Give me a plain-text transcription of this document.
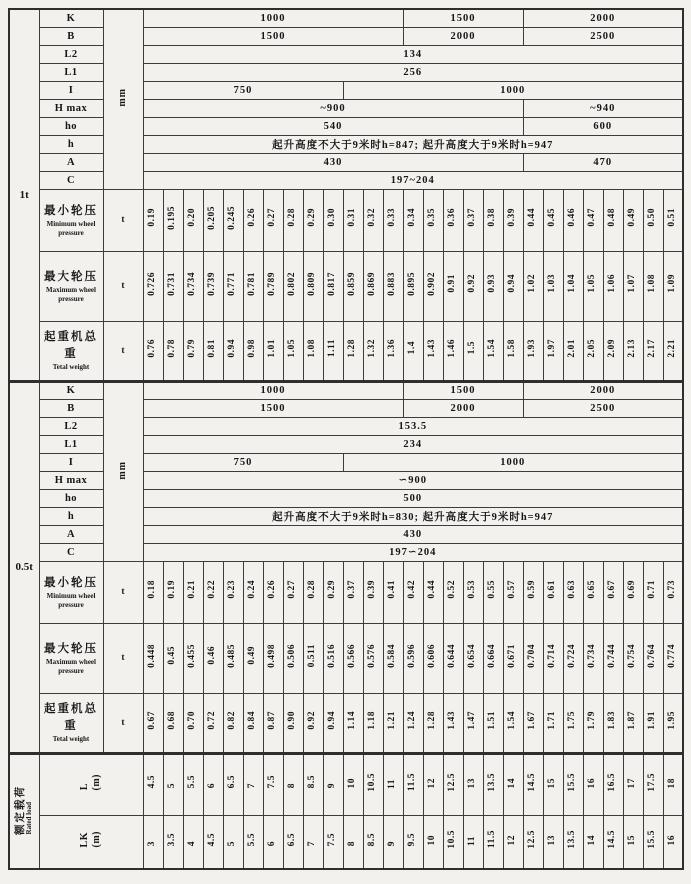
1t	K	mm	1000													1500						2000							
	B		1500													2000						2500							
	L2		134																										
	L1		256																										
	I		750										1000																
	H max		~900																			~940							
	ho		540																			600							
	h		起升高度不大于9米时h=847; 起升高度大于9米时h=947																										
	A		430																			470							
	C		197~204																										

	最小轮压
Minimum wheel pressure	t	0.19	0.195	0.20	0.205	0.245	0.26	0.27	0.28	0.29	0.30	0.31	0.32	0.33	0.34	0.35	0.36	0.37	0.38	0.39	0.44	0.45	0.46	0.47	0.48	0.49	0.50	0.51

	最大轮压
Maximum wheel pressure	t	0.726	0.731	0.734	0.739	0.771	0.781	0.789	0.802	0.809	0.817	0.859	0.869	0.883	0.895	0.902	0.91	0.92	0.93	0.94	1.02	1.03	1.04	1.05	1.06	1.07	1.08	1.09

	起重机总重
Tetal weight	t	0.76	0.78	0.79	0.81	0.94	0.98	1.01	1.05	1.08	1.11	1.28	1.32	1.36	1.4	1.43	1.46	1.5	1.54	1.58	1.93	1.97	2.01	2.05	2.09	2.13	2.17	2.21
0.5t	K	mm	1000													1500						2000							
	B		1500													2000						2500							
	L2		153.5																										
	L1		234																										
	I		750										1000																
	H max		∽900																										
	ho		500																										
	h		起升高度不大于9米时h=830; 起升高度大于9米时h=947																										
	A		430																										
	C		197∽204																										

	最小轮压
Minimum wheel pressure	t	0.18	0.19	0.21	0.22	0.23	0.24	0.26	0.27	0.28	0.29	0.37	0.39	0.41	0.42	0.44	0.52	0.53	0.55	0.57	0.59	0.61	0.63	0.65	0.67	0.69	0.71	0.73

	最大轮压
Maximum wheel pressure	t	0.448	0.45	0.455	0.46	0.485	0.49	0.498	0.506	0.511	0.516	0.566	0.576	0.584	0.596	0.606	0.644	0.654	0.664	0.671	0.704	0.714	0.724	0.734	0.744	0.754	0.764	0.774

	起重机总重
Tetal weight	t	0.67	0.68	0.70	0.72	0.82	0.84	0.87	0.90	0.92	0.94	1.14	1.18	1.21	1.24	1.28	1.43	1.47	1.51	1.54	1.67	1.71	1.75	1.79	1.83	1.87	1.91	1.95
额定载荷Rated load	L(m)		4.5	5	5.5	6	6.5	7	7.5	8	8.5	9	10	10.5	11	11.5	12	12.5	13	13.5	14	14.5	15	15.5	16	16.5	17	17.5	18
	LK(m)		3	3.5	4	4.5	5	5.5	6	6.5	7	7.5	8	8.5	9	9.5	10	10.5	11	11.5	12	12.5	13	13.5	14	14.5	15	15.5	16
